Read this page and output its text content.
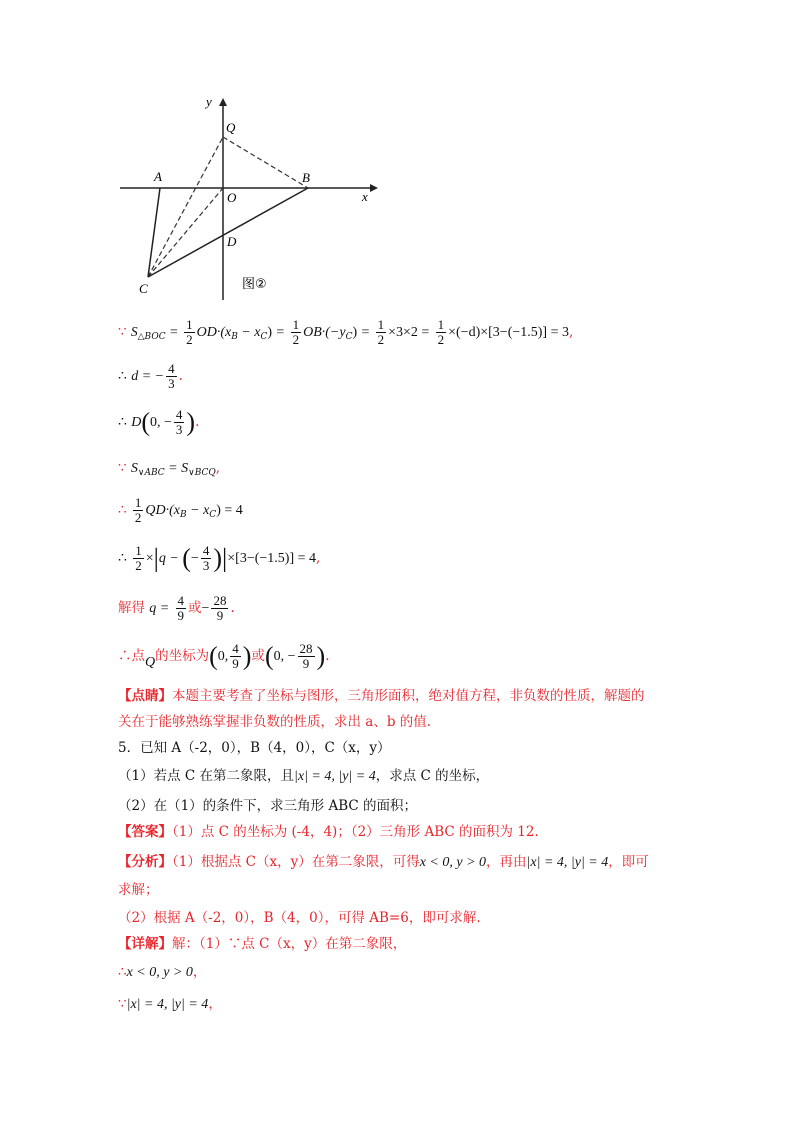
y
Q
A
O
B
x
D
C	图②
∵ $S_{\triangle BOC} = \frac{1}{2} OD\cdot(x_B - x_C) = \frac{1}{2} OB\cdot(-y_C) = \frac{1}{2} \times 3\times 2 = \frac{1}{2} \times(-d)\times[3-(-1.5)] = 3$,
∴ d = − $\frac{4}{3}$ .
∴ D(0, − $\frac{4}{3}$ ).
∵ $S_{\vee ABC} = S_{\vee BCQ}$,
∴ $\frac{1}{2} QD\cdot(x_B - x_C) = 4$
∴ $\frac{1}{2} \times|q$ − (− $\frac{4}{3} )|\times[3-(-1.5)] = 4$,
解得 $q = \frac{4}{9}$ 或− $\frac{28}{9}$ .
∴点Q的坐标为(0, $\frac{4}{9}$ )或(0, − $\frac{28}{9}$ ).
【点睛】本题主要考查了坐标与图形，三角形面积，绝对值方程，非负数的性质，解题的
关在于能够熟练掌握非负数的性质，求出 a、b 的值.
5．已知 A（-2，0），B（4，0），C（x，y）
（1）若点 C 在第二象限，且|x| = 4, |y| = 4，求点 C 的坐标，
（2）在（1）的条件下，求三角形 ABC 的面积；
【答案】（1）点 C 的坐标为 (-4，4)；（2）三角形 ABC 的面积为 12.
【分析】（1）根据点 C（x，y）在第二象限，可得x < 0, y > 0，再由|x| = 4, |y| = 4，即可
求解；
（2）根据 A（-2，0），B（4，0），可得 AB=6，即可求解.
【详解】解：（1）∵点 C（x，y）在第二象限，
∴x < 0, y > 0，
∵|x| = 4, |y| = 4，
